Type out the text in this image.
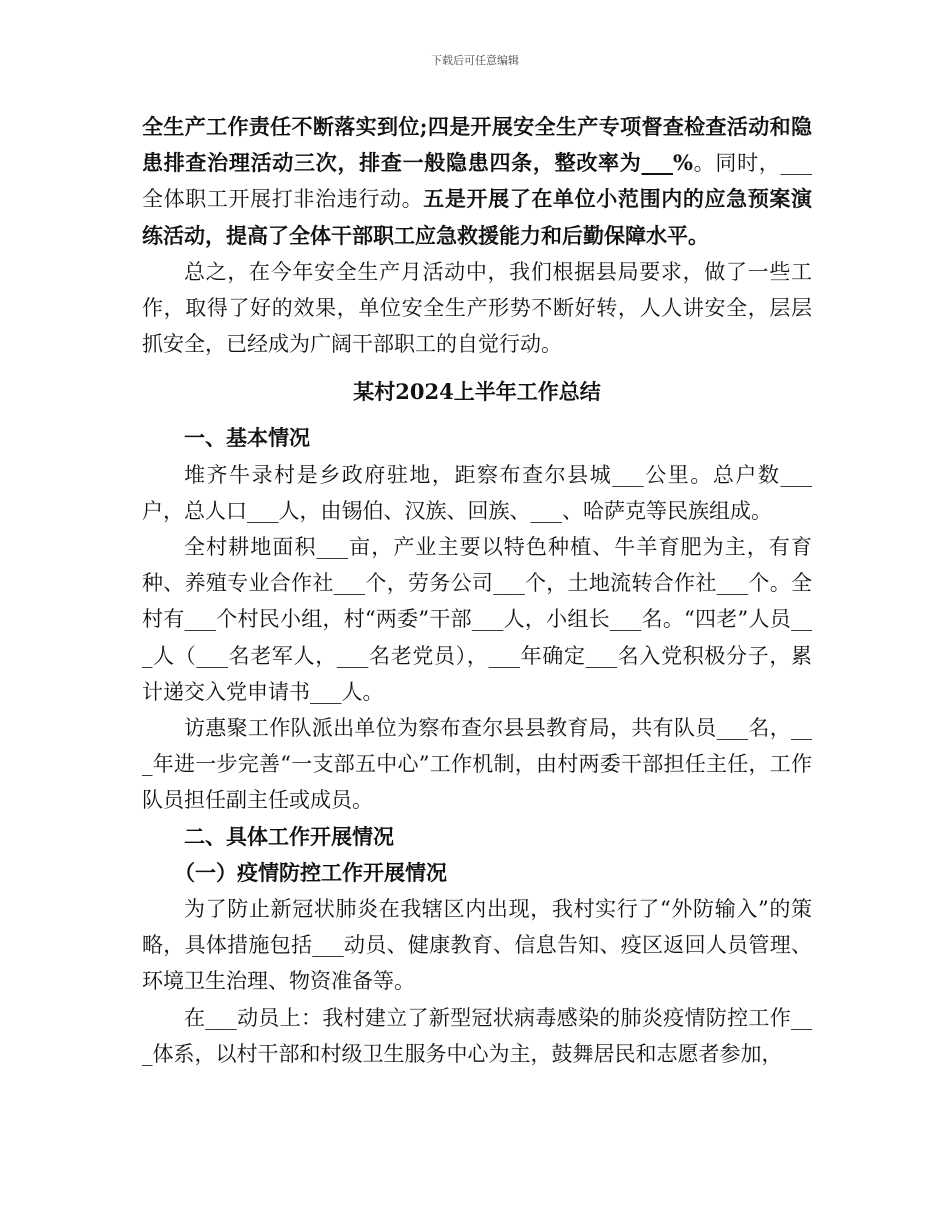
下载后可任意编辑

全生产工作责任不断落实到位;四是开展安全生产专项督查检查活动和隐患排查治理活动三次，排查一般隐患四条，整改率为___%。同时，___全体职工开展打非治违行动。五是开展了在单位小范围内的应急预案演练活动，提高了全体干部职工应急救援能力和后勤保障水平。

总之，在今年安全生产月活动中，我们根据县局要求，做了一些工作，取得了好的效果，单位安全生产形势不断好转，人人讲安全，层层抓安全，已经成为广阔干部职工的自觉行动。

某村2024上半年工作总结
一、基本情况

堆齐牛录村是乡政府驻地，距察布查尔县城___公里。总户数___户，总人口___人，由锡伯、汉族、回族、___、哈萨克等民族组成。

全村耕地面积___亩，产业主要以特色种植、牛羊育肥为主，有育种、养殖专业合作社___个，劳务公司___个，土地流转合作社___个。全村有___个村民小组，村“两委”干部___人，小组长___名。“四老”人员___人（___名老军人，___名老党员），___年确定___名入党积极分子，累计递交入党申请书___人。

访惠聚工作队派出单位为察布查尔县县教育局，共有队员___名，___年进一步完善“一支部五中心”工作机制，由村两委干部担任主任，工作队员担任副主任或成员。

二、具体工作开展情况
（一）疫情防控工作开展情况

为了防止新冠状肺炎在我辖区内出现，我村实行了“外防输入”的策略，具体措施包括___动员、健康教育、信息告知、疫区返回人员管理、环境卫生治理、物资准备等。

在___动员上：我村建立了新型冠状病毒感染的肺炎疫情防控工作___体系，以村干部和村级卫生服务中心为主，鼓舞居民和志愿者参加，
